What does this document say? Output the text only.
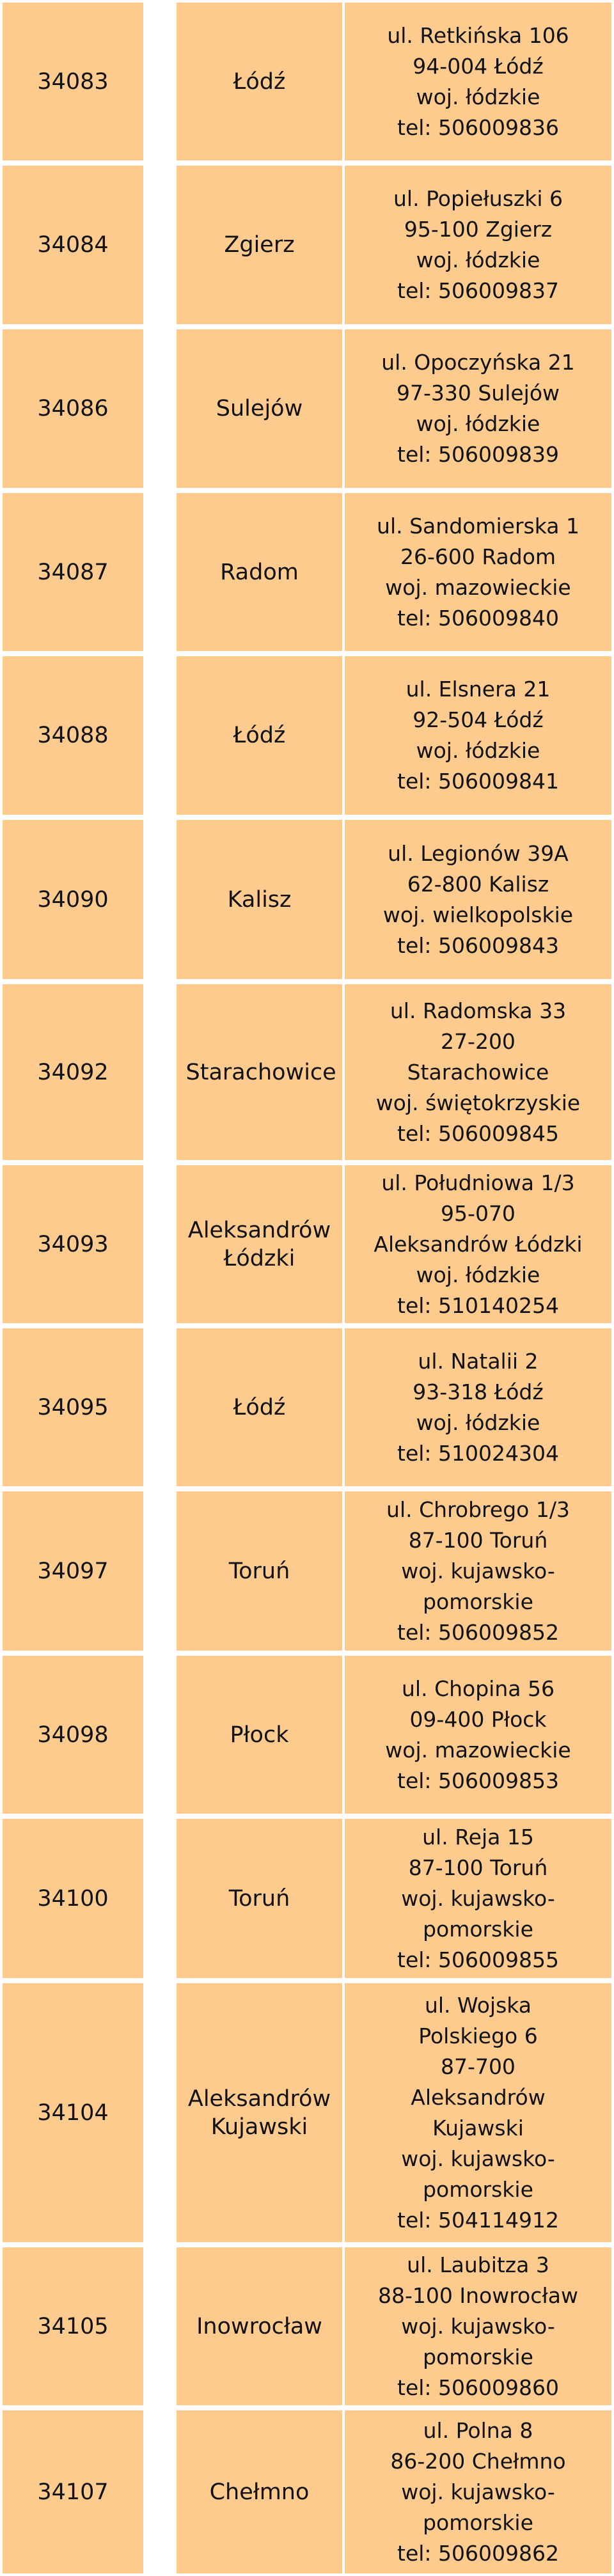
34083	Łódź
ul. Retkińska 106
94-004 Łódź
woj. łódzkie
tel: 506009836
34084	Zgierz
ul. Popiełuszki 6
95-100 Zgierz
woj. łódzkie
tel: 506009837
34086	Sulejów
ul. Opoczyńska 21
97-330 Sulejów
woj. łódzkie
tel: 506009839
34087	Radom
ul. Sandomierska 1
26-600 Radom
woj. mazowieckie
tel: 506009840
34088	Łódź
ul. Elsnera 21
92-504 Łódź
woj. łódzkie
tel: 506009841
34090	Kalisz
ul. Legionów 39A
62-800 Kalisz
woj. wielkopolskie
tel: 506009843
34092	Starachowice
ul. Radomska 33
27-200
Starachowice
woj. świętokrzyskie
tel: 506009845
34093
Aleksandrów Łódzki
ul. Południowa 1/3
95-070
Aleksandrów Łódzki
woj. łódzkie
tel: 510140254
34095	Łódź
ul. Natalii 2
93-318 Łódź
woj. łódzkie
tel: 510024304
34097	Toruń
ul. Chrobrego 1/3
87-100 Toruń
woj. kujawsko-
pomorskie
tel: 506009852
34098	Płock
ul. Chopina 56
09-400 Płock
woj. mazowieckie
tel: 506009853
34100	Toruń
ul. Reja 15
87-100 Toruń
woj. kujawsko-
pomorskie
tel: 506009855
34104
Aleksandrów Kujawski
ul. Wojska
Polskiego 6
87-700
Aleksandrów
Kujawski
woj. kujawsko-
pomorskie
tel: 504114912
34105	Inowrocław
ul. Laubitza 3
88-100 Inowrocław
woj. kujawsko-
pomorskie
tel: 506009860
34107	Chełmno
ul. Polna 8
86-200 Chełmno
woj. kujawsko-
pomorskie
tel: 506009862
